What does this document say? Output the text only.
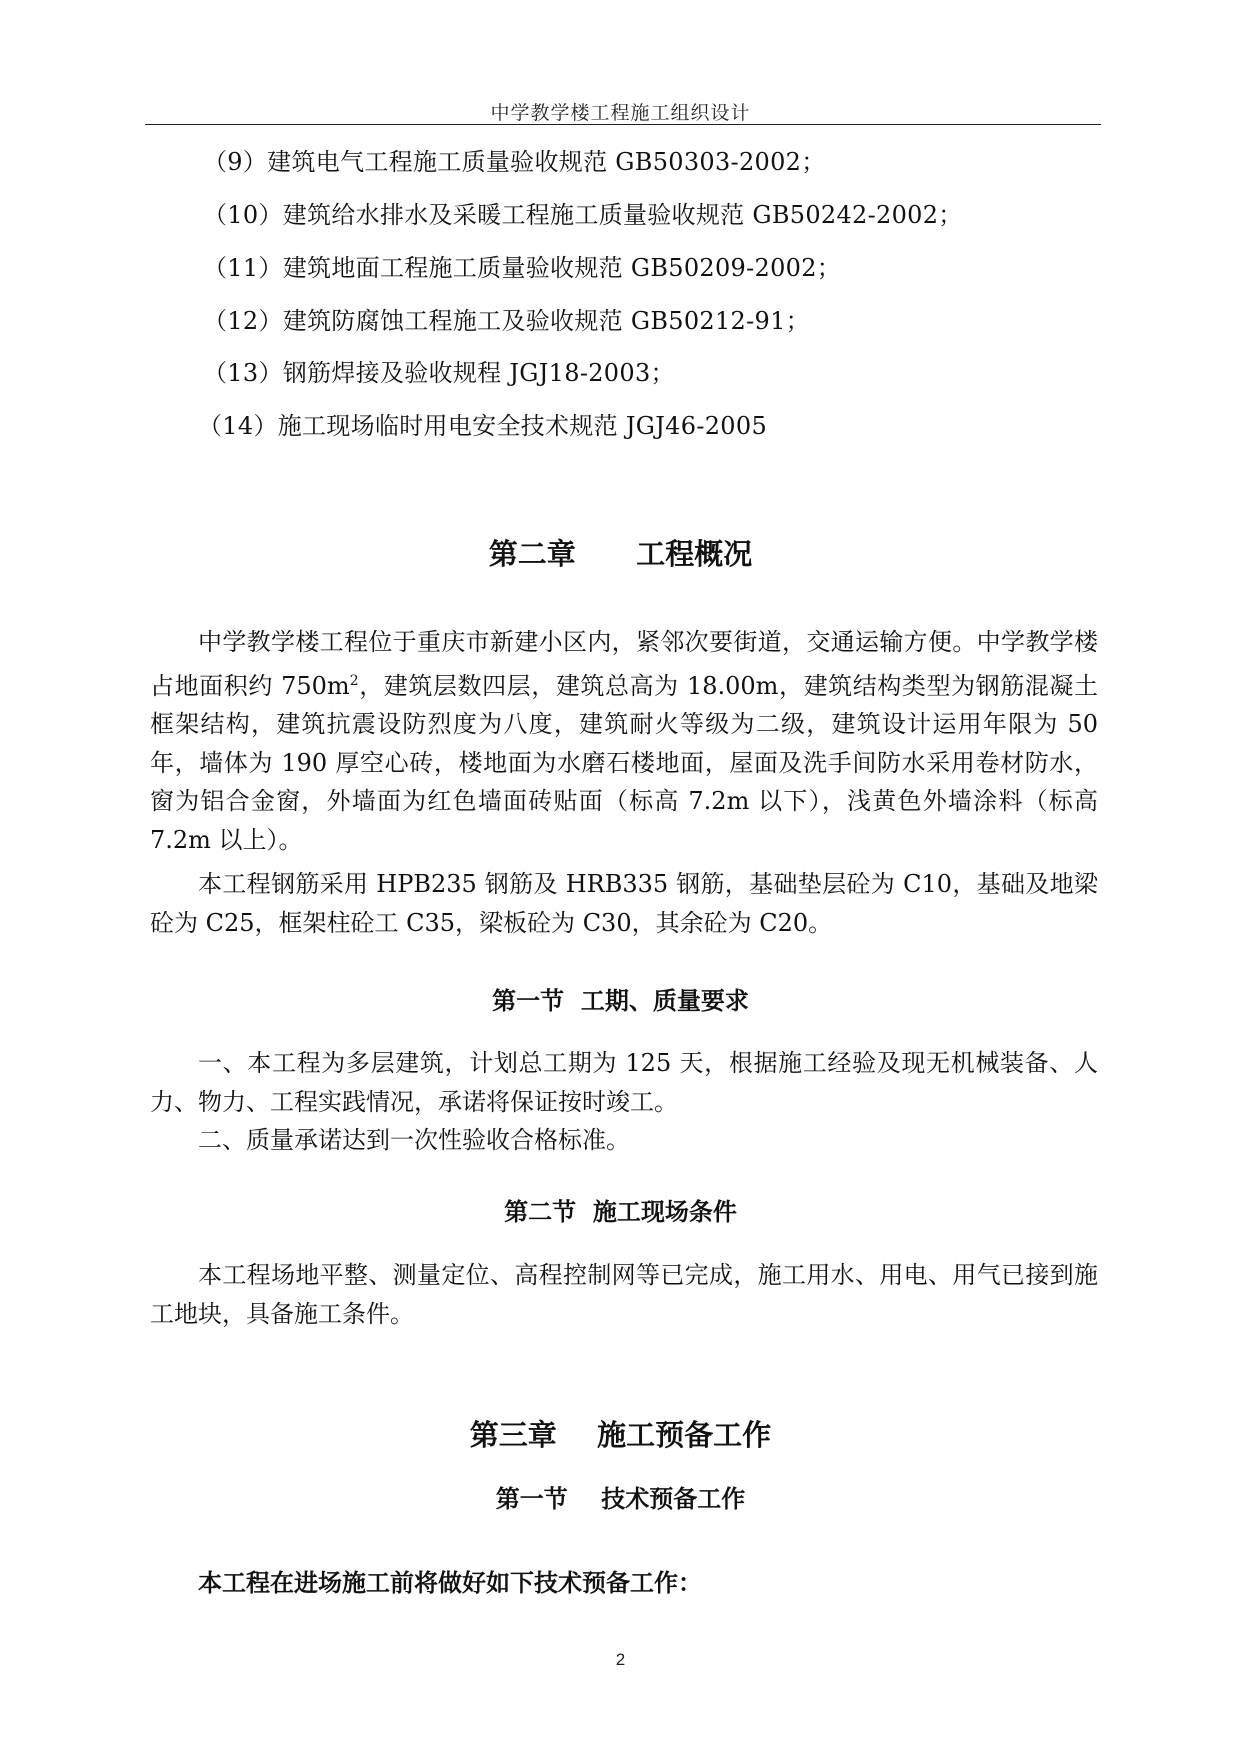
中学教学楼工程施工组织设计
（9）建筑电气工程施工质量验收规范 GB50303-2002；
（10）建筑给水排水及采暖工程施工质量验收规范 GB50242-2002；
（11）建筑地面工程施工质量验收规范 GB50209-2002；
（12）建筑防腐蚀工程施工及验收规范 GB50212-91；
（13）钢筋焊接及验收规程 JGJ18-2003；
（14）施工现场临时用电安全技术规范 JGJ46-2005
第二章      工程概况
中学教学楼工程位于重庆市新建小区内，紧邻次要街道，交通运输方便。中学教学楼占地面积约 $750m^2$，建筑层数四层，建筑总高为 18.00m，建筑结构类型为钢筋混凝土框架结构，建筑抗震设防烈度为八度，建筑耐火等级为二级，建筑设计运用年限为 50 年，墙体为 190 厚空心砖，楼地面为水磨石楼地面，屋面及洗手间防水采用卷材防水，窗为铝合金窗，外墙面为红色墙面砖贴面（标高 7.2m 以下），浅黄色外墙涂料（标高 7.2m 以上）。
本工程钢筋采用 HPB235 钢筋及 HRB335 钢筋，基础垫层砼为 C10，基础及地梁砼为 C25，框架柱砼工 C35，梁板砼为 C30，其余砼为 C20。
第一节  工期、质量要求
一、本工程为多层建筑，计划总工期为 125 天，根据施工经验及现无机械装备、人力、物力、工程实践情况，承诺将保证按时竣工。
二、质量承诺达到一次性验收合格标准。
第二节  施工现场条件
本工程场地平整、测量定位、高程控制网等已完成，施工用水、用电、用气已接到施工地块，具备施工条件。
第三章    施工预备工作
第一节    技术预备工作
本工程在进场施工前将做好如下技术预备工作：
2
